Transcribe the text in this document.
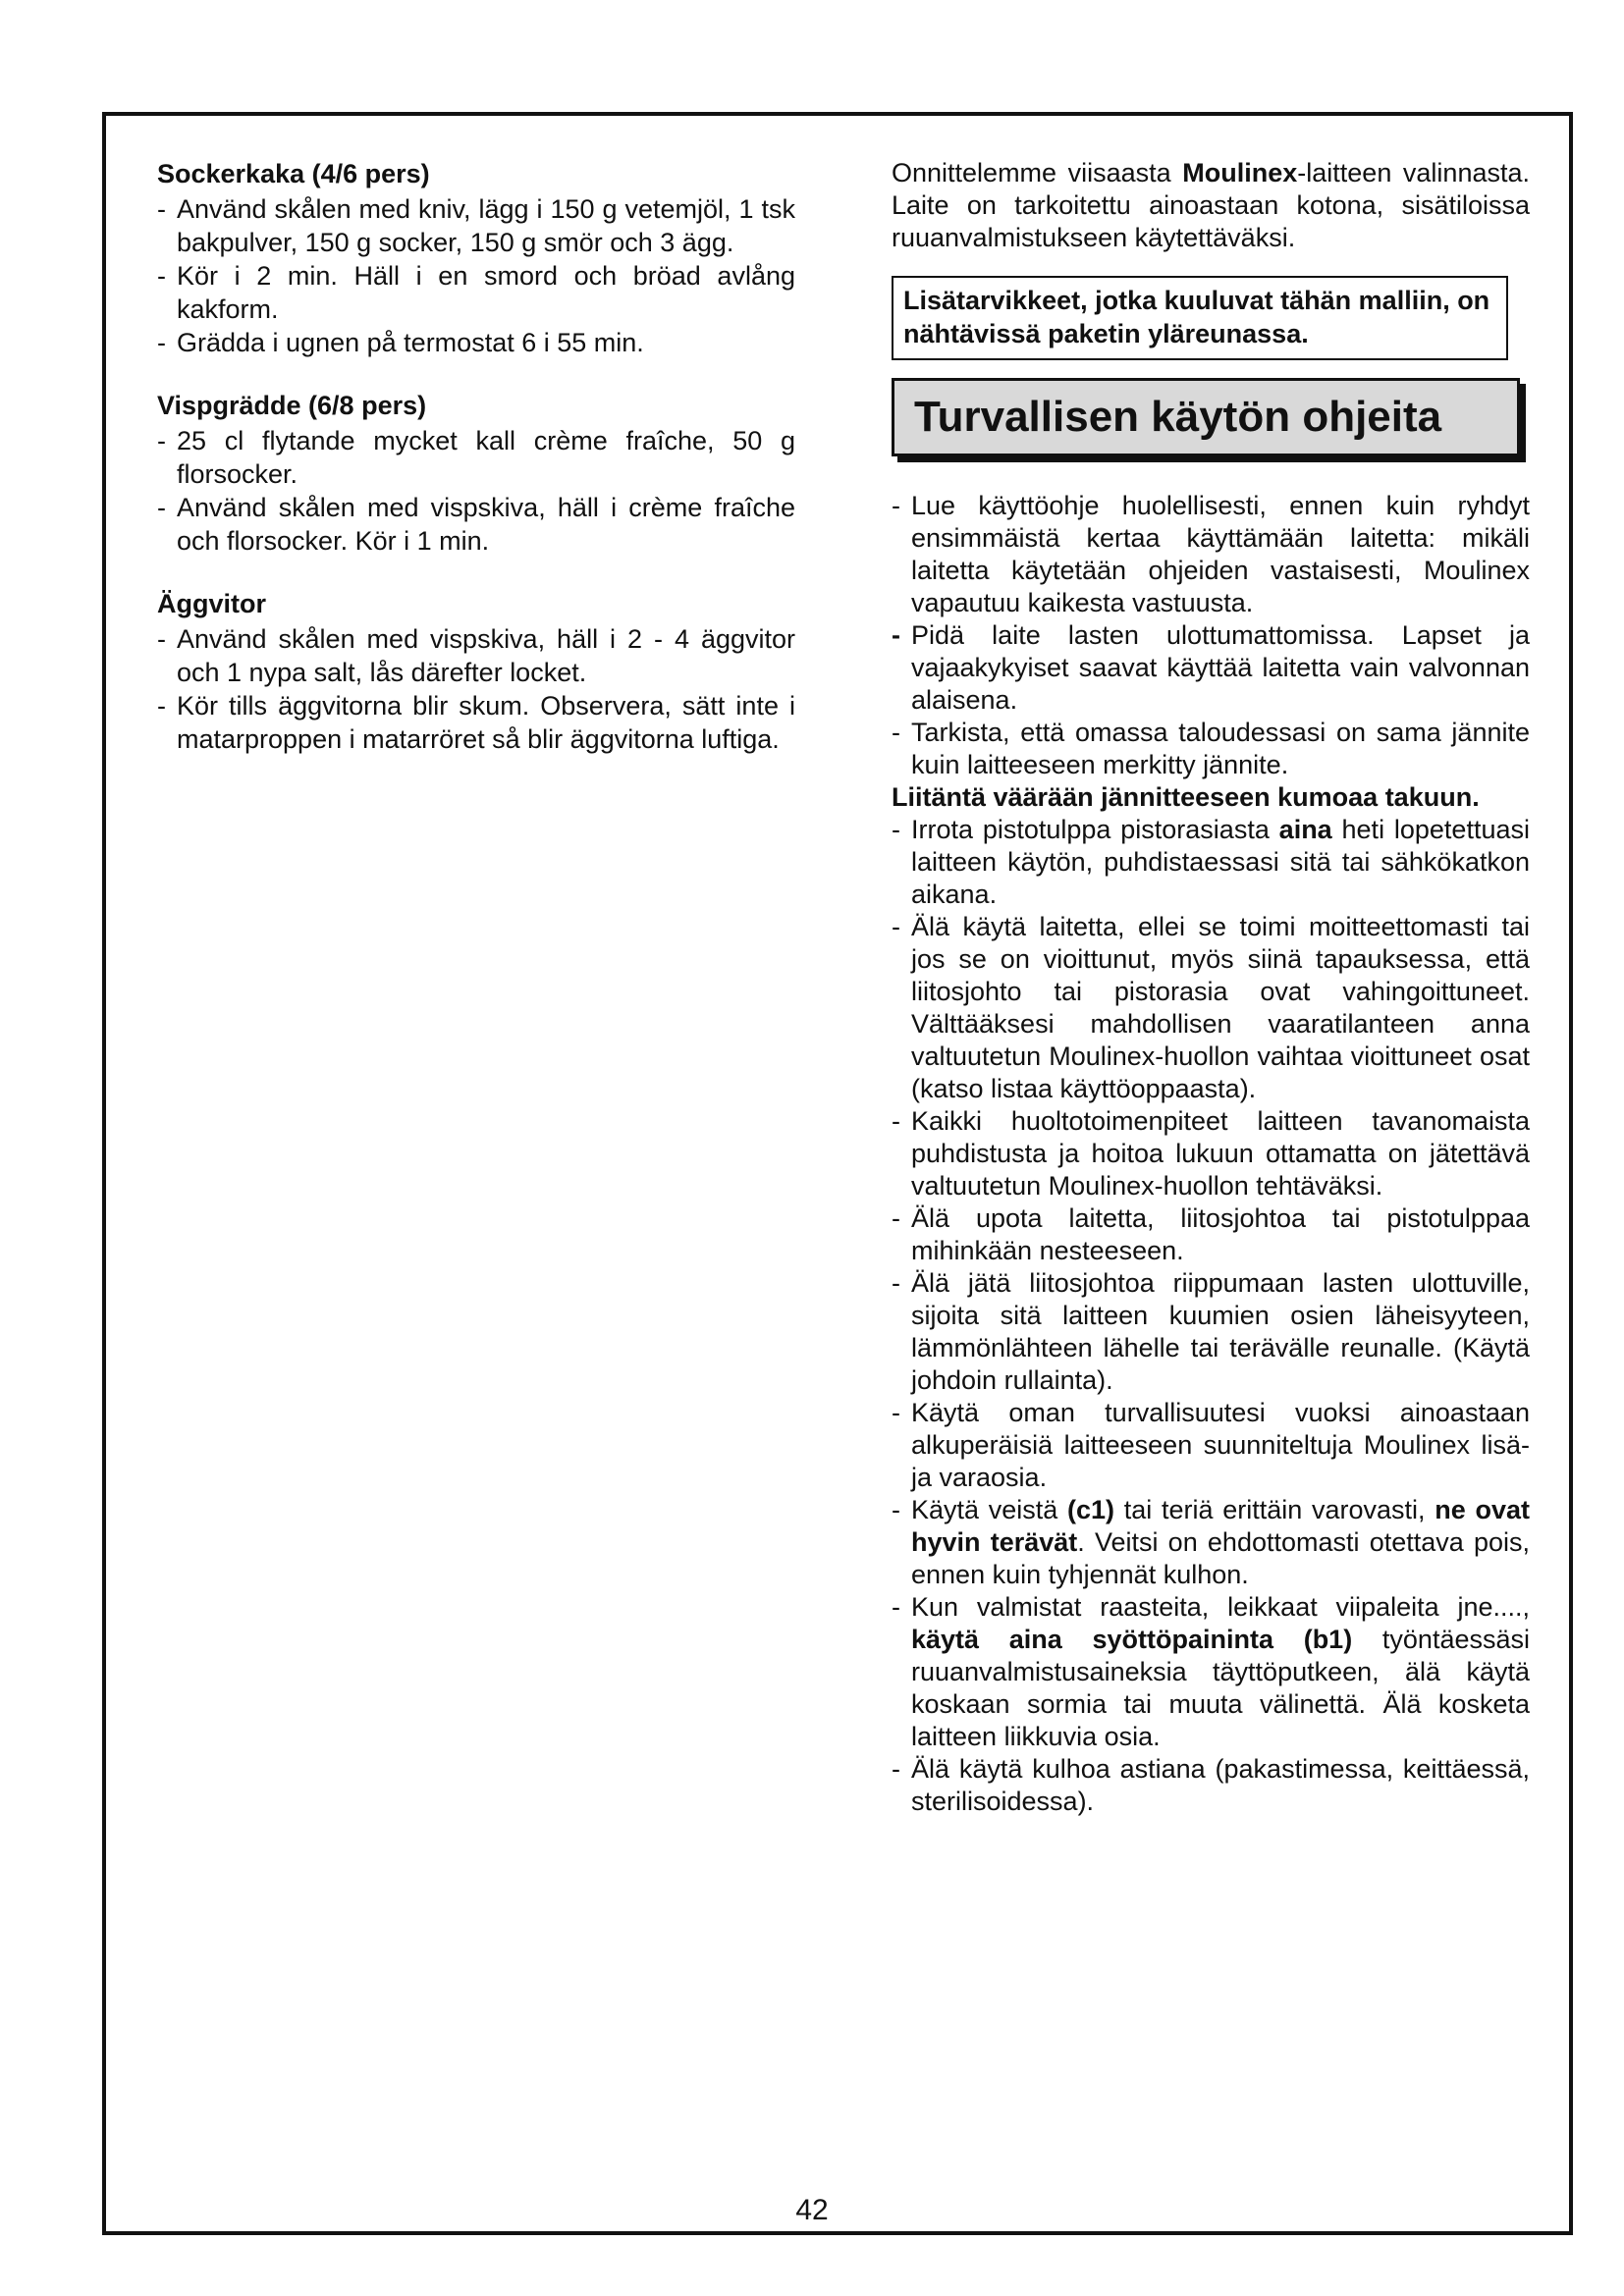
Sockerkaka (4/6 pers)

- Använd skålen med kniv, lägg i 150 g vetemjöl, 1 tsk bakpulver, 150 g socker, 150 g smör och 3 ägg.

- Kör i 2 min. Häll i en smord och bröad avlång kakform.

- Grädda i ugnen på termostat 6 i 55 min.

Vispgrädde (6/8 pers)

- 25 cl flytande mycket kall crème fraîche, 50 g florsocker.

- Använd skålen med vispskiva, häll i crème fraîche och florsocker. Kör i 1 min.

Äggvitor

- Använd skålen med vispskiva, häll i 2 - 4 äggvitor och 1 nypa salt, lås därefter locket.

- Kör tills äggvitorna blir skum. Observera, sätt inte i matarproppen i matarröret så blir äggvitorna luftiga.

Onnittelemme viisaasta Moulinex-laitteen valinnasta. Laite on tarkoitettu ainoastaan kotona, sisätiloissa ruuanvalmistukseen käytettäväksi.

Lisätarvikkeet, jotka kuuluvat tähän malliin, on nähtävissä paketin yläreunassa.
Turvallisen käytön ohjeita

- Lue käyttöohje huolellisesti, ennen kuin ryhdyt ensimmäistä kertaa käyttämään laitetta: mikäli laitetta käytetään ohjeiden vastaisesti, Moulinex vapautuu kaikesta vastuusta.

- Pidä laite lasten ulottumattomissa. Lapset ja vajaakykyiset saavat käyttää laitetta vain valvonnan alaisena.

- Tarkista, että omassa taloudessasi on sama jännite kuin laitteeseen merkitty jännite.

Liitäntä väärään jännitteeseen kumoaa takuun.

- Irrota pistotulppa pistorasiasta aina heti lopetettuasi laitteen käytön, puhdistaessasi sitä tai sähkökatkon aikana.

- Älä käytä laitetta, ellei se toimi moitteettomasti tai jos se on vioittunut, myös siinä tapauksessa, että liitosjohto tai pistorasia ovat vahingoittuneet. Välttääksesi mahdollisen vaaratilanteen anna valtuutetun Moulinex-huollon vaihtaa vioittuneet osat (katso listaa käyttöoppaasta).

- Kaikki huoltotoimenpiteet laitteen tavanomaista puhdistusta ja hoitoa lukuun ottamatta on jätettävä valtuutetun Moulinex-huollon tehtäväksi.

- Älä upota laitetta, liitosjohtoa tai pistotulppaa mihinkään nesteeseen.

- Älä jätä liitosjohtoa riippumaan lasten ulottuville, sijoita sitä laitteen kuumien osien läheisyyteen, lämmönlähteen lähelle tai terävälle reunalle. (Käytä johdoin rullainta).

- Käytä oman turvallisuutesi vuoksi ainoastaan alkuperäisiä laitteeseen suunniteltuja Moulinex lisä- ja varaosia.

- Käytä veistä (c1) tai teriä erittäin varovasti, ne ovat hyvin terävät. Veitsi on ehdottomasti otettava pois, ennen kuin tyhjennät kulhon.

- Kun valmistat raasteita, leikkaat viipaleita jne...., käytä aina syöttöpaininta (b1) työntäessäsi ruuanvalmistusaineksia täyttöputkeen, älä käytä koskaan sormia tai muuta välinettä. Älä kosketa laitteen liikkuvia osia.

- Älä käytä kulhoa astiana (pakastimessa, keittäessä, sterilisoidessa).

42
